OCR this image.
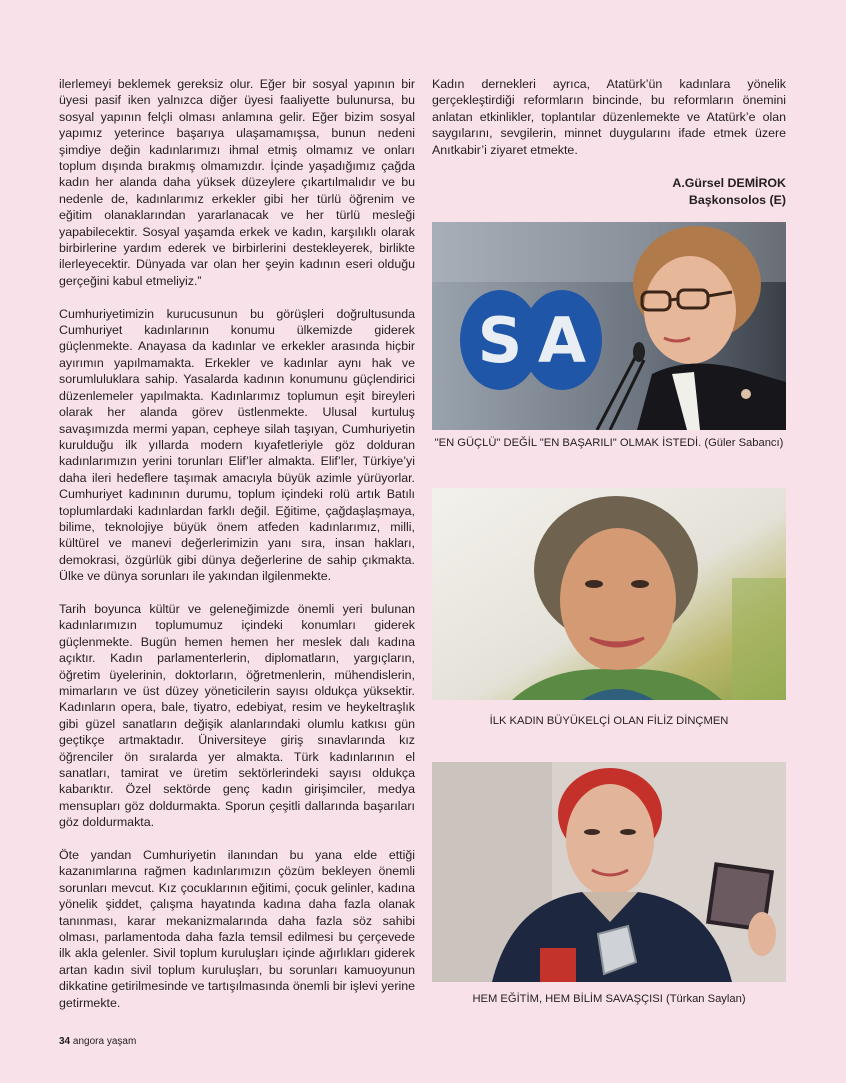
ilerlemeyi beklemek gereksiz olur. Eğer bir sosyal yapının bir üyesi pasif iken yalnızca diğer üyesi faaliyette bulunursa, bu sosyal yapının felçli olması anlamına gelir. Eğer bizim sosyal yapımız yeterince başarıya ulaşamamışsa, bunun nedeni şimdiye değin kadınlarımızı ihmal etmiş olmamız ve onları toplum dışında bırakmış olmamızdır. İçinde yaşadığımız çağda kadın her alanda daha yüksek düzeylere çıkartılmalıdır ve bu nedenle de, kadınlarımız erkekler gibi her türlü öğrenim ve eğitim olanaklarından yararlanacak ve her türlü mesleği yapabilecektir. Sosyal yaşamda erkek ve kadın, karşılıklı olarak birbirlerine yardım ederek ve birbirlerini destekleyerek, birlikte ilerleyecektir. Dünyada var olan her şeyin kadının eseri olduğu gerçeğini kabul etmeliyiz.”

Cumhuriyetimizin kurucusunun bu görüşleri doğrultusunda Cumhuriyet kadınlarının konumu ülkemizde giderek güçlenmekte. Anayasa da kadınlar ve erkekler arasında hiçbir ayırımın yapılmamakta. Erkekler ve kadınlar aynı hak ve sorumluluklara sahip. Yasalarda kadının konumunu güçlendirici düzenlemeler yapılmakta. Kadınlarımız toplumun eşit bireyleri olarak her alanda görev üstlenmekte. Ulusal kurtuluş savaşımızda mermi yapan, cepheye silah taşıyan, Cumhuriyetin kurulduğu ilk yıllarda modern kıyafetleriyle göz dolduran kadınlarımızın yerini torunları Elif’ler almakta. Elif’ler, Türkiye’yi daha ileri hedeflere taşımak amacıyla büyük azimle yürüyorlar. Cumhuriyet kadınının durumu, toplum içindeki rolü artık Batılı toplumlardaki kadınlardan farklı değil. Eğitime, çağdaşlaşmaya, bilime, teknolojiye büyük önem atfeden kadınlarımız, milli, kültürel ve manevi değerlerimizin yanı sıra, insan hakları, demokrasi, özgürlük gibi dünya değerlerine de sahip çıkmakta. Ülke ve dünya sorunları ile yakından ilgilenmekte.

Tarih boyunca kültür ve geleneğimizde önemli yeri bulunan kadınlarımızın toplumumuz içindeki konumları giderek güçlenmekte. Bugün hemen hemen her meslek dalı kadına açıktır. Kadın parlamenterlerin, diplomatların, yargıçların, öğretim üyelerinin, doktorların, öğretmenlerin, mühendislerin, mimarların ve üst düzey yöneticilerin sayısı oldukça yüksektir. Kadınların opera, bale, tiyatro, edebiyat, resim ve heykeltraşlık gibi güzel sanatların değişik alanlarındaki olumlu katkısı gün geçtikçe artmaktadır. Üniversiteye giriş sınavlarında kız öğrenciler ön sıralarda yer almakta. Türk kadınlarının el sanatları, tamirat ve üretim sektörlerindeki sayısı oldukça kabarıktır. Özel sektörde genç kadın girişimciler, medya mensupları göz doldurmakta. Sporun çeşitli dallarında başarıları göz doldurmakta.

Öte yandan Cumhuriyetin ilanından bu yana elde ettiği kazanımlarına rağmen kadınlarımızın çözüm bekleyen önemli sorunları mevcut. Kız çocuklarının eğitimi, çocuk gelinler, kadına yönelik şiddet, çalışma hayatında kadına daha fazla olanak tanınması, karar mekanizmalarında daha fazla söz sahibi olması, parlamentoda daha fazla temsil edilmesi bu çerçevede ilk akla gelenler. Sivil toplum kuruluşları içinde ağırlıkları giderek artan kadın sivil toplum kuruluşları, bu sorunları kamuoyunun dikkatine getirilmesinde ve tartışılmasında önemli bir işlevi yerine getirmekte.

Kadın dernekleri ayrıca, Atatürk’ün kadınlara yönelik gerçekleştirdiği reformların bincinde, bu reformların önemini anlatan etkinlikler, toplantılar düzenlemekte ve Atatürk’e olan saygılarını, sevgilerin, minnet duygularını ifade etmek üzere Anıtkabir’i ziyaret etmekte.

A.Gürsel DEMİROK
Başkonsolos (E)
S A
"EN GÜÇLÜ" DEĞİL "EN BAŞARILI" OLMAK İSTEDİ. (Güler Sabancı)
İLK KADIN BÜYÜKELÇİ OLAN FİLİZ DİNÇMEN
HEM EĞİTİM, HEM BİLİM SAVAŞÇISI (Türkan Saylan)
34 angora yaşam
